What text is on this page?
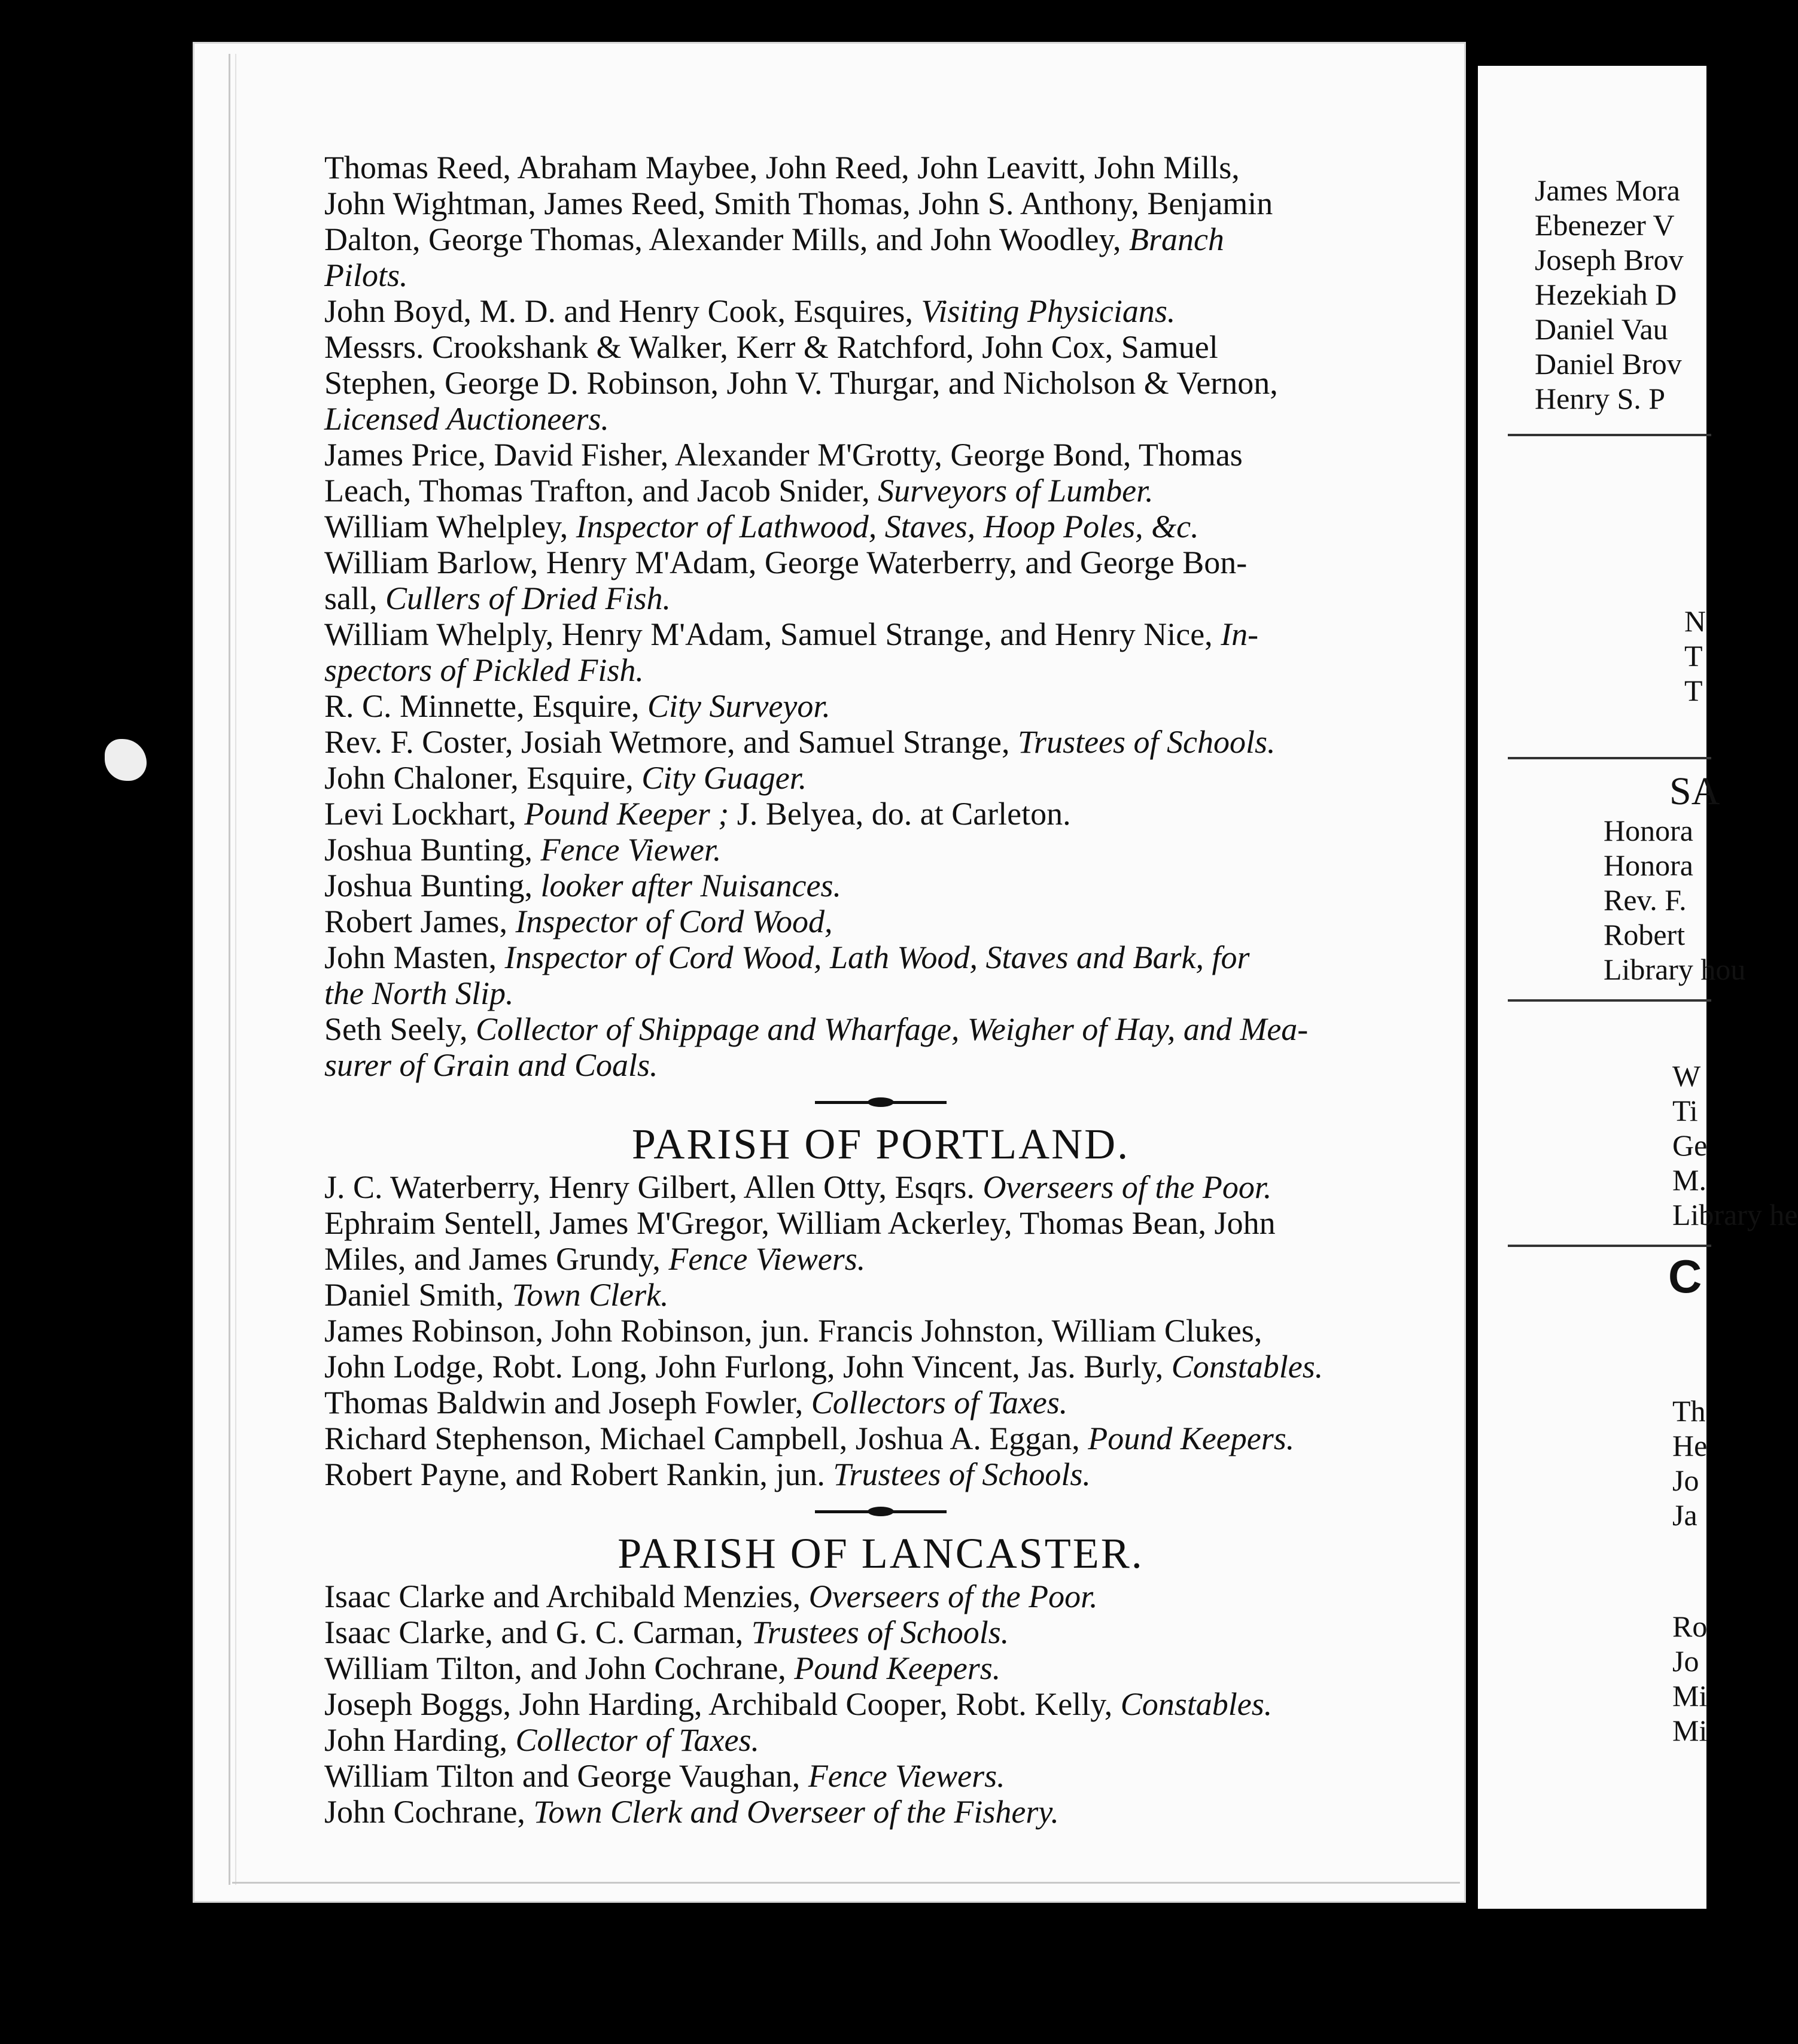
Thomas Reed, Abraham Maybee, John Reed, John Leavitt, John Mills,
John Wightman, James Reed, Smith Thomas, John S. Anthony, Benjamin
Dalton, George Thomas, Alexander Mills, and John Woodley, Branch
Pilots.
John Boyd, M. D. and Henry Cook, Esquires, Visiting Physicians.
Messrs. Crookshank & Walker, Kerr & Ratchford, John Cox, Samuel
Stephen, George D. Robinson, John V. Thurgar, and Nicholson & Vernon,
Licensed Auctioneers.
James Price, David Fisher, Alexander M'Grotty, George Bond, Thomas
Leach, Thomas Trafton, and Jacob Snider, Surveyors of Lumber.
William Whelpley, Inspector of Lathwood, Staves, Hoop Poles, &c.
William Barlow, Henry M'Adam, George Waterberry, and George Bon-
sall, Cullers of Dried Fish.
William Whelply, Henry M'Adam, Samuel Strange, and Henry Nice, In-
spectors of Pickled Fish.
R. C. Minnette, Esquire, City Surveyor.
Rev. F. Coster, Josiah Wetmore, and Samuel Strange, Trustees of Schools.
John Chaloner, Esquire, City Guager.
Levi Lockhart, Pound Keeper ; J. Belyea, do. at Carleton.
Joshua Bunting, Fence Viewer.
Joshua Bunting, looker after Nuisances.
Robert James, Inspector of Cord Wood,
John Masten, Inspector of Cord Wood, Lath Wood, Staves and Bark, for
the North Slip.
Seth Seely, Collector of Shippage and Wharfage, Weigher of Hay, and Mea-
surer of Grain and Coals.
PARISH OF PORTLAND.
J. C. Waterberry, Henry Gilbert, Allen Otty, Esqrs. Overseers of the Poor.
Ephraim Sentell, James M'Gregor, William Ackerley, Thomas Bean, John
Miles, and James Grundy, Fence Viewers.
Daniel Smith, Town Clerk.
James Robinson, John Robinson, jun. Francis Johnston, William Clukes,
John Lodge, Robt. Long, John Furlong, John Vincent, Jas. Burly, Constables.
Thomas Baldwin and Joseph Fowler, Collectors of Taxes.
Richard Stephenson, Michael Campbell, Joshua A. Eggan, Pound Keepers.
Robert Payne, and Robert Rankin, jun. Trustees of Schools.
PARISH OF LANCASTER.
Isaac Clarke and Archibald Menzies, Overseers of the Poor.
Isaac Clarke, and G. C. Carman, Trustees of Schools.
William Tilton, and John Cochrane, Pound Keepers.
Joseph Boggs, John Harding, Archibald Cooper, Robt. Kelly, Constables.
John Harding, Collector of Taxes.
William Tilton and George Vaughan, Fence Viewers.
John Cochrane, Town Clerk and Overseer of the Fishery.
James Mora
Ebenezer V
Joseph Brov
Hezekiah D
Daniel Vau
Daniel Brov
Henry S. P
N
T
T
SA
Honora
Honora
Rev. F.
Robert
Library hou
W
Ti
Ge
M.
Library he
C
Th
He
Jo
Ja
Ro
Jo
Mi
Mi
